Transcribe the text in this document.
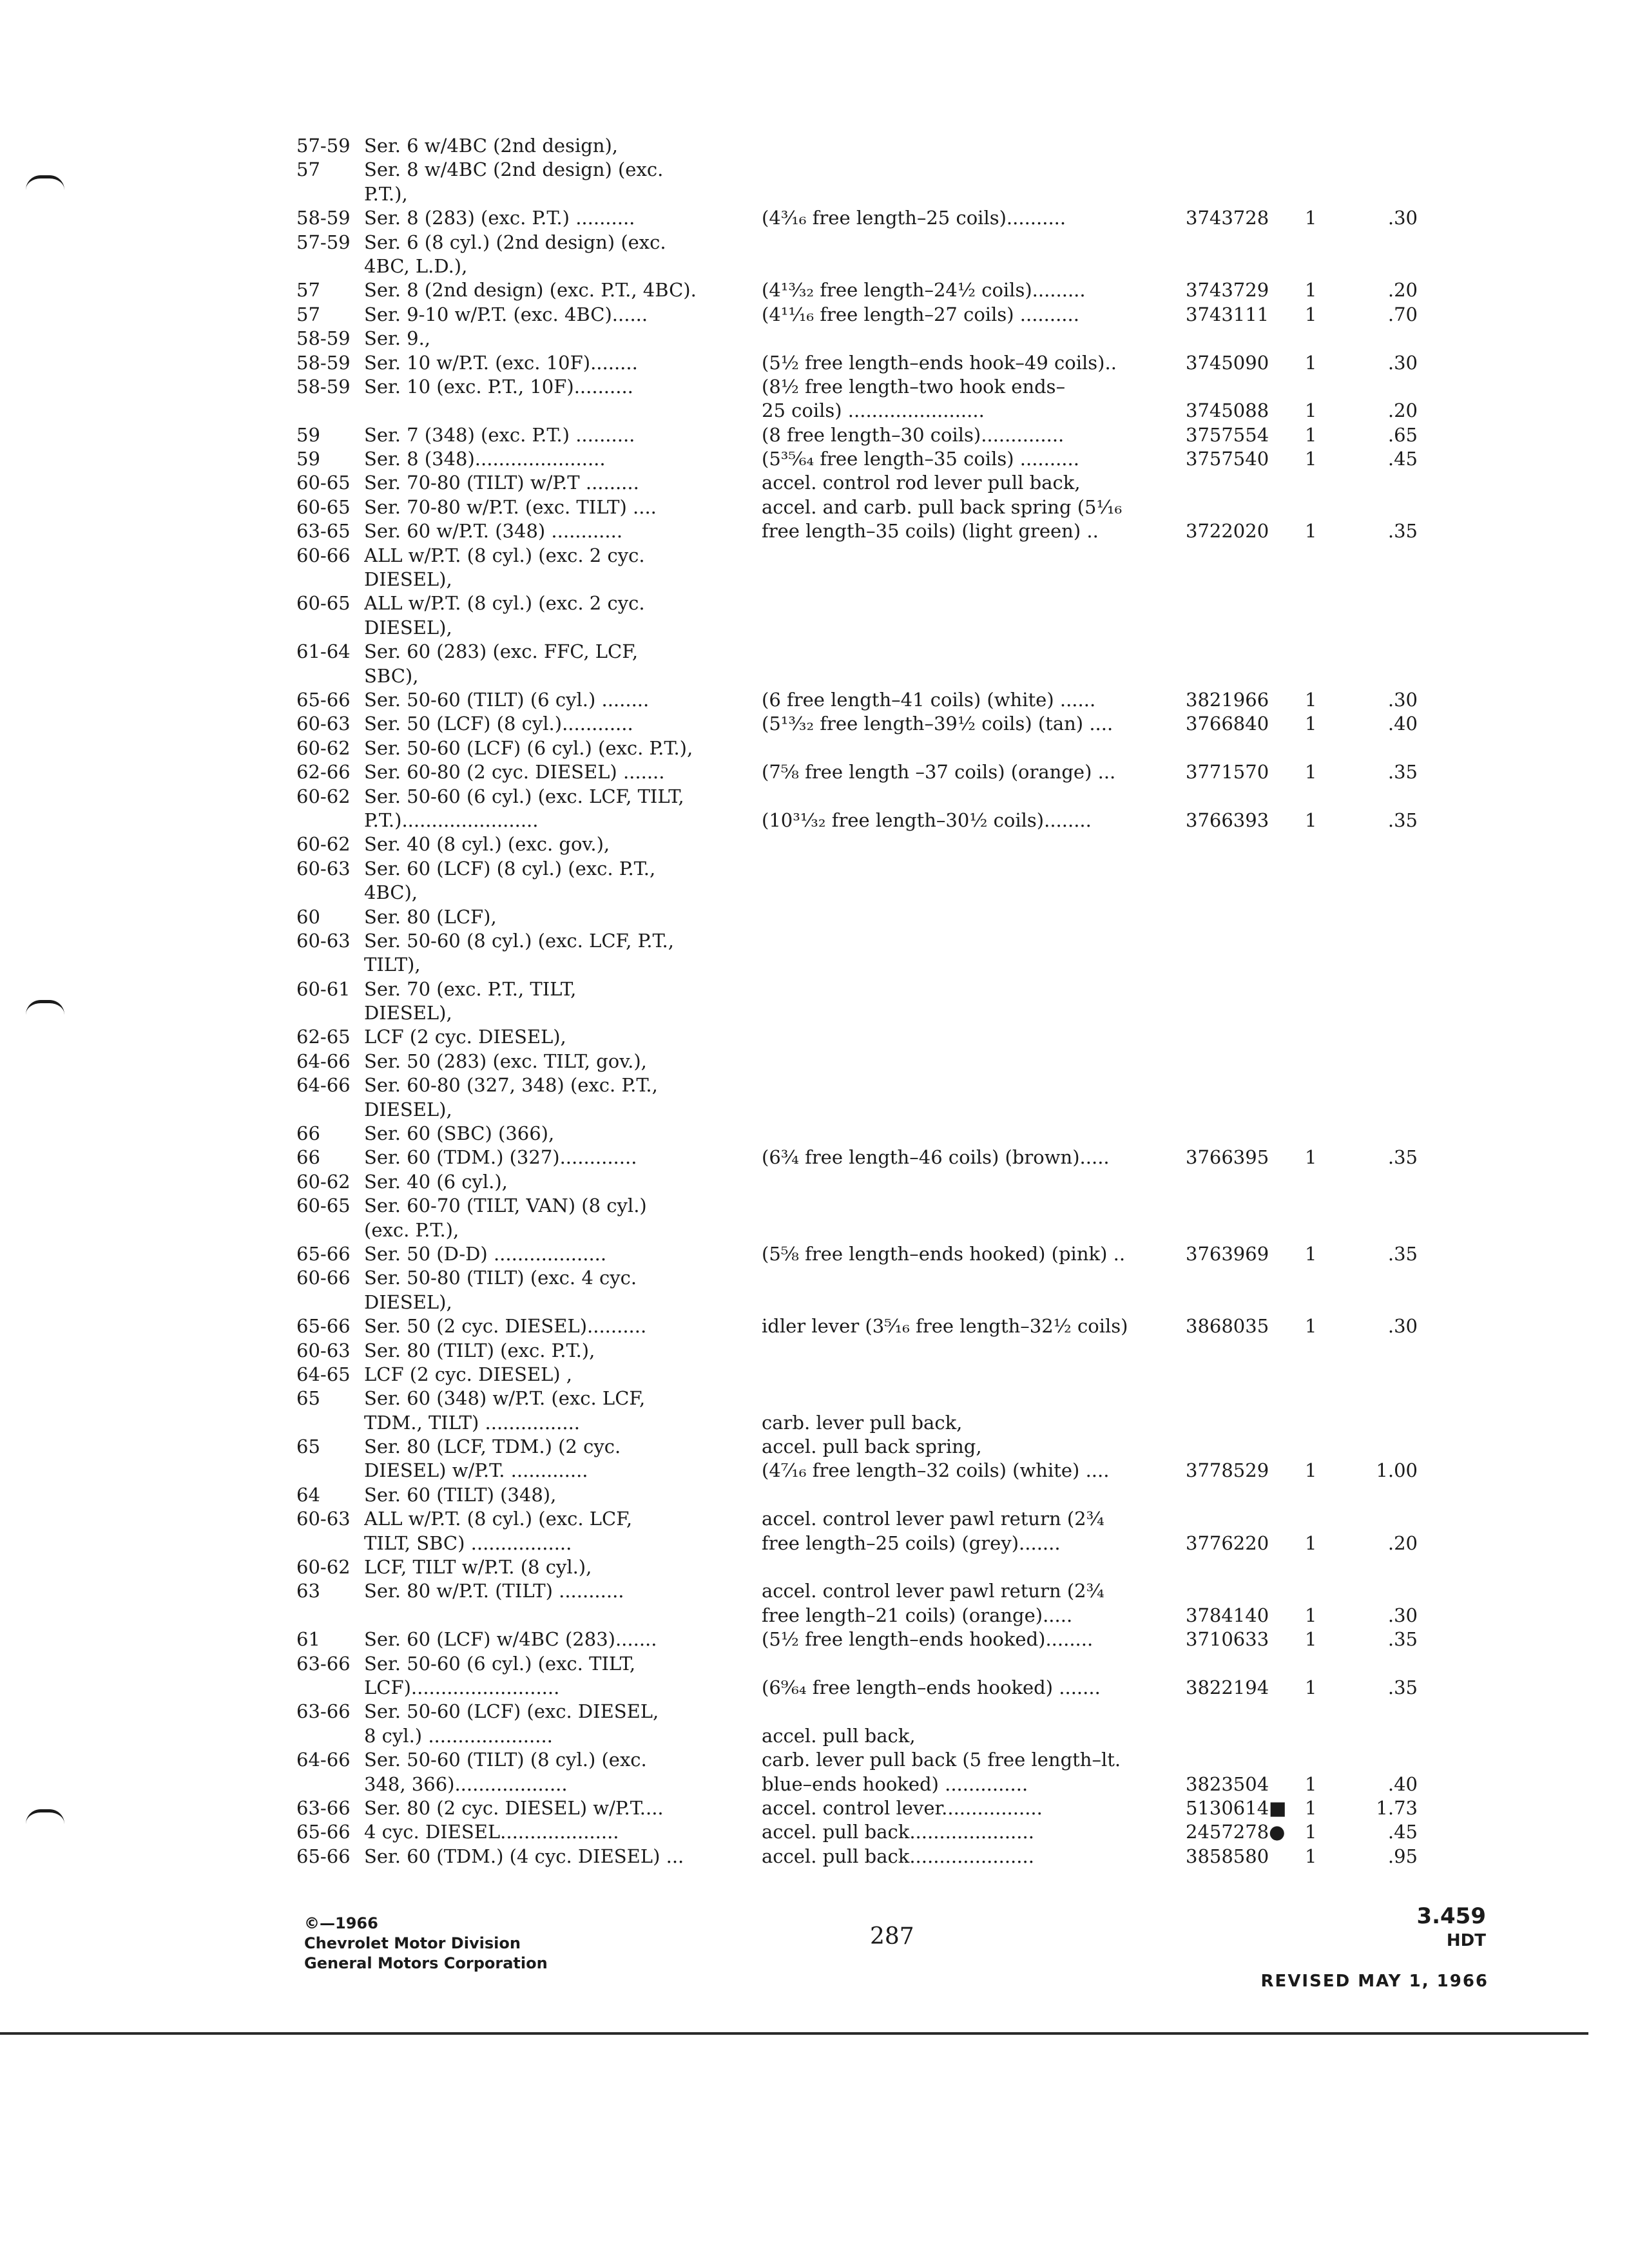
57-59 Ser. 6 w/4BC (2nd design),
57	Ser. 8 w/4BC (2nd design) (exc.
P.T.),
58-59 Ser. 8 (283) (exc. P.T.) ..........	(4³⁄₁₆ free length–25 coils)..........	3743728	1	.30
57-59 Ser. 6 (8 cyl.) (2nd design) (exc.
4BC, L.D.),
57	Ser. 8 (2nd design) (exc. P.T., 4BC).	(4¹³⁄₃₂ free length–24½ coils).........	3743729	1	.20
57	Ser. 9-10 w/P.T. (exc. 4BC)......	(4¹¹⁄₁₆ free length–27 coils) ..........	3743111	1	.70
58-59 Ser. 9.,
58-59 Ser. 10 w/P.T. (exc. 10F)........	(5½ free length–ends hook–49 coils)..	3745090	1	.30
58-59 Ser. 10 (exc. P.T., 10F)..........	(8½ free length–two hook ends–
25 coils) .......................	3745088	1	.20
59	Ser. 7 (348) (exc. P.T.) ..........	(8 free length–30 coils)..............	3757554	1	.65
59	Ser. 8 (348)......................	(5³⁵⁄₆₄ free length–35 coils) ..........	3757540	1	.45
60-65 Ser. 70-80 (TILT) w/P.T .........	accel. control rod lever pull back,
60-65 Ser. 70-80 w/P.T. (exc. TILT) ....	accel. and carb. pull back spring (5¹⁄₁₆
63-65 Ser. 60 w/P.T. (348) ............	free length–35 coils) (light green) ..	3722020	1	.35
60-66 ALL w/P.T. (8 cyl.) (exc. 2 cyc.
DIESEL),
60-65 ALL w/P.T. (8 cyl.) (exc. 2 cyc.
DIESEL),
61-64 Ser. 60 (283) (exc. FFC, LCF,
SBC),
65-66 Ser. 50-60 (TILT) (6 cyl.) ........	(6 free length–41 coils) (white) ......	3821966	1	.30
60-63 Ser. 50 (LCF) (8 cyl.)............	(5¹³⁄₃₂ free length–39½ coils) (tan) ....	3766840	1	.40
60-62 Ser. 50-60 (LCF) (6 cyl.) (exc. P.T.),
62-66 Ser. 60-80 (2 cyc. DIESEL) .......	(7⅝ free length –37 coils) (orange) ...	3771570	1	.35
60-62 Ser. 50-60 (6 cyl.) (exc. LCF, TILT,
P.T.).......................	(10³¹⁄₃₂ free length–30½ coils)........	3766393	1	.35
60-62 Ser. 40 (8 cyl.) (exc. gov.),
60-63 Ser. 60 (LCF) (8 cyl.) (exc. P.T.,
4BC),
60	Ser. 80 (LCF),
60-63 Ser. 50-60 (8 cyl.) (exc. LCF, P.T.,
TILT),
60-61 Ser. 70 (exc. P.T., TILT,
DIESEL),
62-65 LCF (2 cyc. DIESEL),
64-66 Ser. 50 (283) (exc. TILT, gov.),
64-66 Ser. 60-80 (327, 348) (exc. P.T.,
DIESEL),
66	Ser. 60 (SBC) (366),
66	Ser. 60 (TDM.) (327).............	(6¾ free length–46 coils) (brown).....	3766395	1	.35
60-62 Ser. 40 (6 cyl.),
60-65 Ser. 60-70 (TILT, VAN) (8 cyl.)
(exc. P.T.),
65-66 Ser. 50 (D-D) ...................	(5⅝ free length–ends hooked) (pink) ..	3763969	1	.35
60-66 Ser. 50-80 (TILT) (exc. 4 cyc.
DIESEL),
65-66 Ser. 50 (2 cyc. DIESEL)..........	idler lever (3⁵⁄₁₆ free length–32½ coils)	3868035	1	.30
60-63 Ser. 80 (TILT) (exc. P.T.),
64-65 LCF (2 cyc. DIESEL) ,
65	Ser. 60 (348) w/P.T. (exc. LCF,
TDM., TILT) ................	carb. lever pull back,
65	Ser. 80 (LCF, TDM.) (2 cyc.	accel. pull back spring,
DIESEL) w/P.T. .............	(4⁷⁄₁₆ free length–32 coils) (white) ....	3778529	1	1.00
64	Ser. 60 (TILT) (348),
60-63 ALL w/P.T. (8 cyl.) (exc. LCF,	accel. control lever pawl return (2¾
TILT, SBC) .................	free length–25 coils) (grey).......	3776220	1	.20
60-62 LCF, TILT w/P.T. (8 cyl.),
63	Ser. 80 w/P.T. (TILT) ...........	accel. control lever pawl return (2¾
free length–21 coils) (orange).....	3784140	1	.30
61	Ser. 60 (LCF) w/4BC (283).......	(5½ free length–ends hooked)........	3710633	1	.35
63-66 Ser. 50-60 (6 cyl.) (exc. TILT,
LCF).........................	(6⁹⁄₆₄ free length–ends hooked) .......	3822194	1	.35
63-66 Ser. 50-60 (LCF) (exc. DIESEL,
8 cyl.) .....................	accel. pull back,
64-66 Ser. 50-60 (TILT) (8 cyl.) (exc.	carb. lever pull back (5 free length–lt.
348, 366)...................	blue–ends hooked) ..............	3823504	1	.40
63-66 Ser. 80 (2 cyc. DIESEL) w/P.T....	accel. control lever.................	5130614■ 1	1.73
65-66 4 cyc. DIESEL....................	accel. pull back.....................	2457278●	1	.45
65-66 Ser. 60 (TDM.) (4 cyc. DIESEL) ...	accel. pull back.....................	3858580	1	.95
©—1966
Chevrolet Motor Division
General Motors Corporation
287
3.459
HDT
REVISED MAY 1, 1966
